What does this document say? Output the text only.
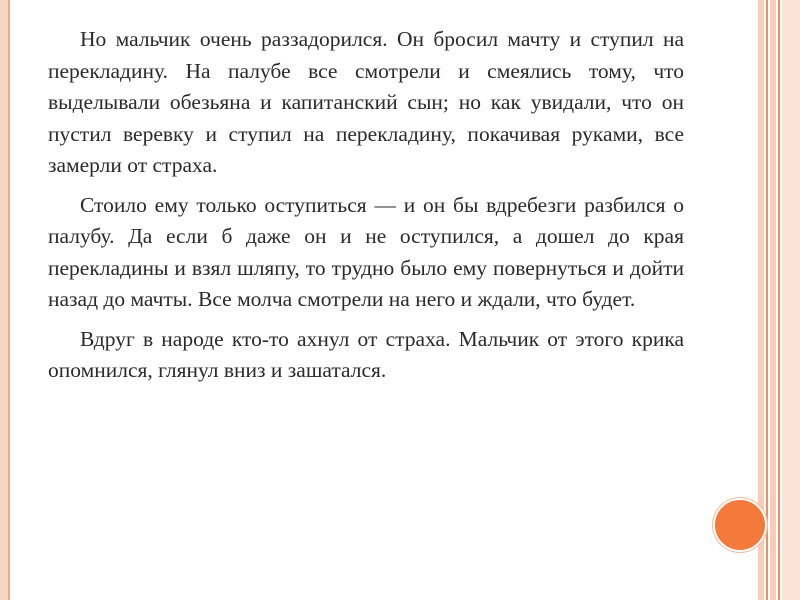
Но мальчик очень раззадорился. Он бросил мачту и ступил на перекладину. На палубе все смотрели и смеялись тому, что выделывали обезьяна и капитанский сын; но как увидали, что он пустил веревку и ступил на перекладину, покачивая руками, все замерли от страха.

Стоило ему только оступиться — и он бы вдребезги разбился о палубу. Да если б даже он и не оступился, а дошел до края перекладины и взял шляпу, то трудно было ему повернуться и дойти назад до мачты. Все молча смотрели на него и ждали, что будет.

Вдруг в народе кто-то ахнул от страха. Мальчик от этого крика опомнился, глянул вниз и зашатался.
